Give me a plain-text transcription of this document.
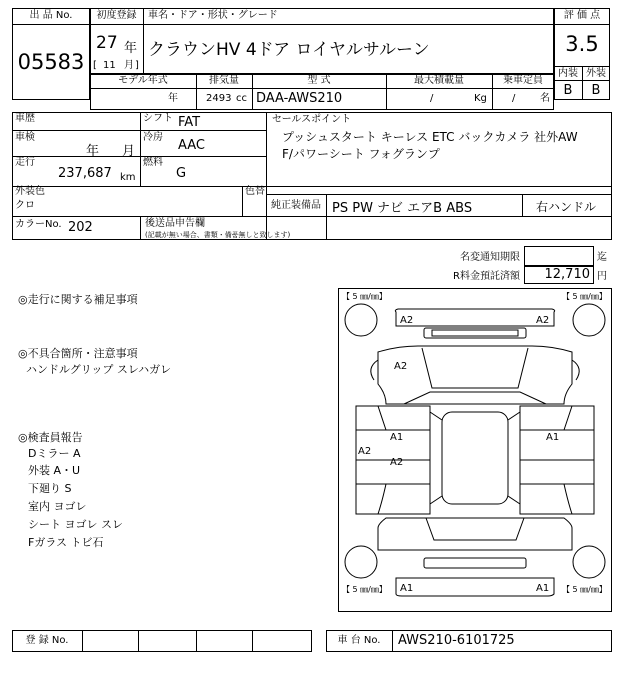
出 品 No.
05583
初度登録	車名・ドア・形状・グレード
27 年
[ 11 月 ]
クラウンHV 4ドア ロイヤルサルーン
評 価 点
3.5
内装 外装
B	B
モデル年式	排気量	型 式	最大積載量	乗車定員
年	2493 cc DAA-AWS210	/	Kg	/ 名
車歴	シフト FAT
車検
年 月
冷房
AAC
走行
237,687 km
燃料
G
セールスポイント
プッシュスタート キーレス ETC バックカメラ 社外AW
F/パワーシート フォグランプ
外装色
クロ
色替
純正装備品 PS PW ナビ エアB ABS	右ハンドル
カラーNo. 202	後送品申告欄
(記載が無い場合、書類・備품無しと致します)
名変通知期限	迄
R料金預託済額	12,710 円
◎走行に関する補足事項
◎不具合箇所・注意事項
ハンドルグリップ スレハガレ
◎検査員報告
Dミラー A
外装 A・U
下廻り S
室内 ヨゴレ
シート ヨゴレ スレ
Fガラス トビ石
【 5 ㎜/㎜】	【 5 ㎜/㎜】
【 5 ㎜/㎜】	【 5 ㎜/㎜】
A2	A2
A2
A1	A1
A2
A2
A1	A1
登 録 No.	車 台 No.	AWS210-6101725
